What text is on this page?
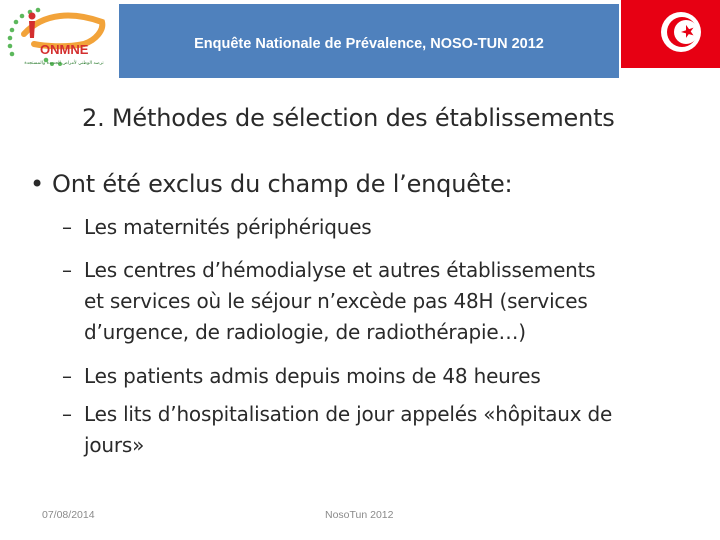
ONMNE
ترصد الوطني لأمراض الجديدة والمستجدة
Enquête Nationale de Prévalence, NOSO-TUN 2012
2. Méthodes de sélection des établissements
• Ont été exclus du champ de l’enquête:
– Les maternités périphériques
– Les centres d’hémodialyse et autres établissements
et services où le séjour n’excède pas 48H (services
d’urgence, de radiologie, de radiothérapie…)
– Les patients admis depuis moins de 48 heures
– Les lits d’hospitalisation de jour appelés «hôpitaux de
jours»
07/08/2014	NosoTun 2012
